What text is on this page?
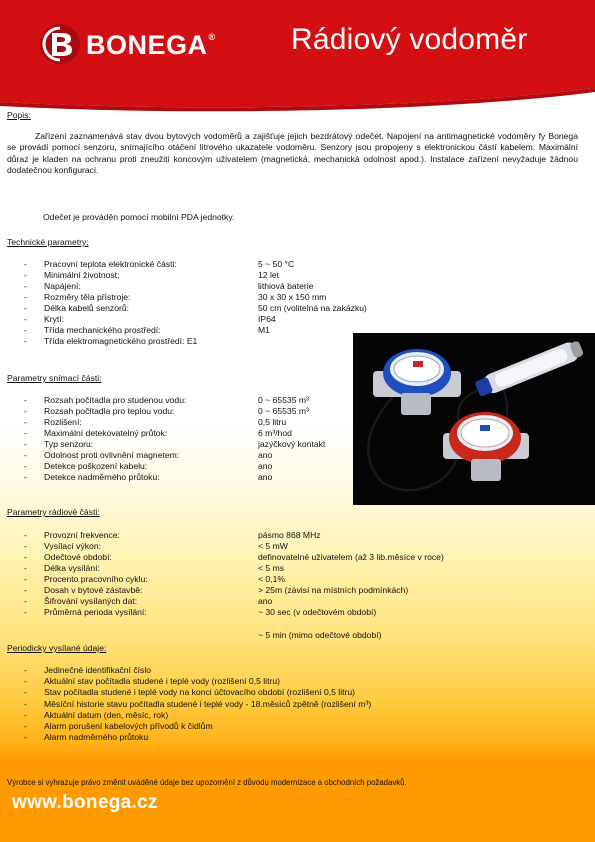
BONEGA®	Rádiový vodoměr
Popis:
Zařízení zaznamenává stav dvou bytových vodoměrů a zajišťuje jejich bezdrátový odečet. Napojení na antimagnetické vodoměry fy Bonega se provádí pomocí senzoru, snímajícího otáčení litrového ukazatele vodoměru. Senzory jsou propojeny s elektronickou částí kabelem. Maximální důraz je kladen na ochranu proti zneužití koncovým uživatelem (magnetická, mechanická odolnost apod.). Instalace zařízení nevyžaduje žádnou dodatečnou konfiguraci.
Odečet je prováděn pomocí mobilní PDA jednotky.
Technické parametry:
- Pracovní teplota elektronické části:	5 ~ 50 °C
- Minimální životnost:	12 let
- Napájení:	lithiová baterie
- Rozměry těla přístroje:	30 x 30 x 150 mm
- Délka kabelů senzorů:	50 cm (volitelná na zakázku)
- Krytí:	IP64
- Třída mechanického prostředí:	M1
- Třída elektromagnetického prostředí: E1
Parametry snímací části:
- Rozsah počítadla pro studenou vodu:	0 ~ 65535 m³
- Rozsah počítadla pro teplou vodu:	0 ~ 65535 m³
- Rozlišení:	0,5 litru
- Maximální detekovatelný průtok:	6 m³/hod
- Typ senzoru:	jazýčkový kontakt
- Odolnost proti ovlivnění magnetem:	ano
- Detekce poškození kabelu:	ano
- Detekce nadměrného průtoku:	ano
Parametry rádiové části:
- Provozní frekvence:	pásmo 868 MHz
- Vysílací výkon:	< 5 mW
- Odečtové období:	definovatelné uživatelem (až 3 lib.měsíce v roce)
- Délka vysílání:	< 5 ms
- Procento pracovního cyklu:	< 0,1%
- Dosah v bytové zástavbě:	> 25m (závisí na místních podmínkách)
- Šifrování vysílaných dat:	ano
- Průměrná perioda vysílání:	~ 30 sec (v odečtovém období)
~ 5 min (mimo odečtové období)
Periodicky vysílané údaje:
- Jedinečné identifikační číslo
- Aktuální stav počítadla studené i teplé vody (rozlišení 0,5 litru)
- Stav počítadla studené i teplé vody na konci účtovacího období (rozlišení 0,5 litru)
- Měsíční historie stavu počítadla studené i teplé vody - 18.měsíců zpětně (rozlišení m³)
- Aktuální datum (den, měsíc, rok)
- Alarm porušení kabelových přívodů k čidlům
- Alarm nadměrného průtoku
Výrobce si vyhrazuje právo změnit uváděné údaje bez upozornění z důvodu modernizace a obchodních požadavků.
www.bonega.cz
